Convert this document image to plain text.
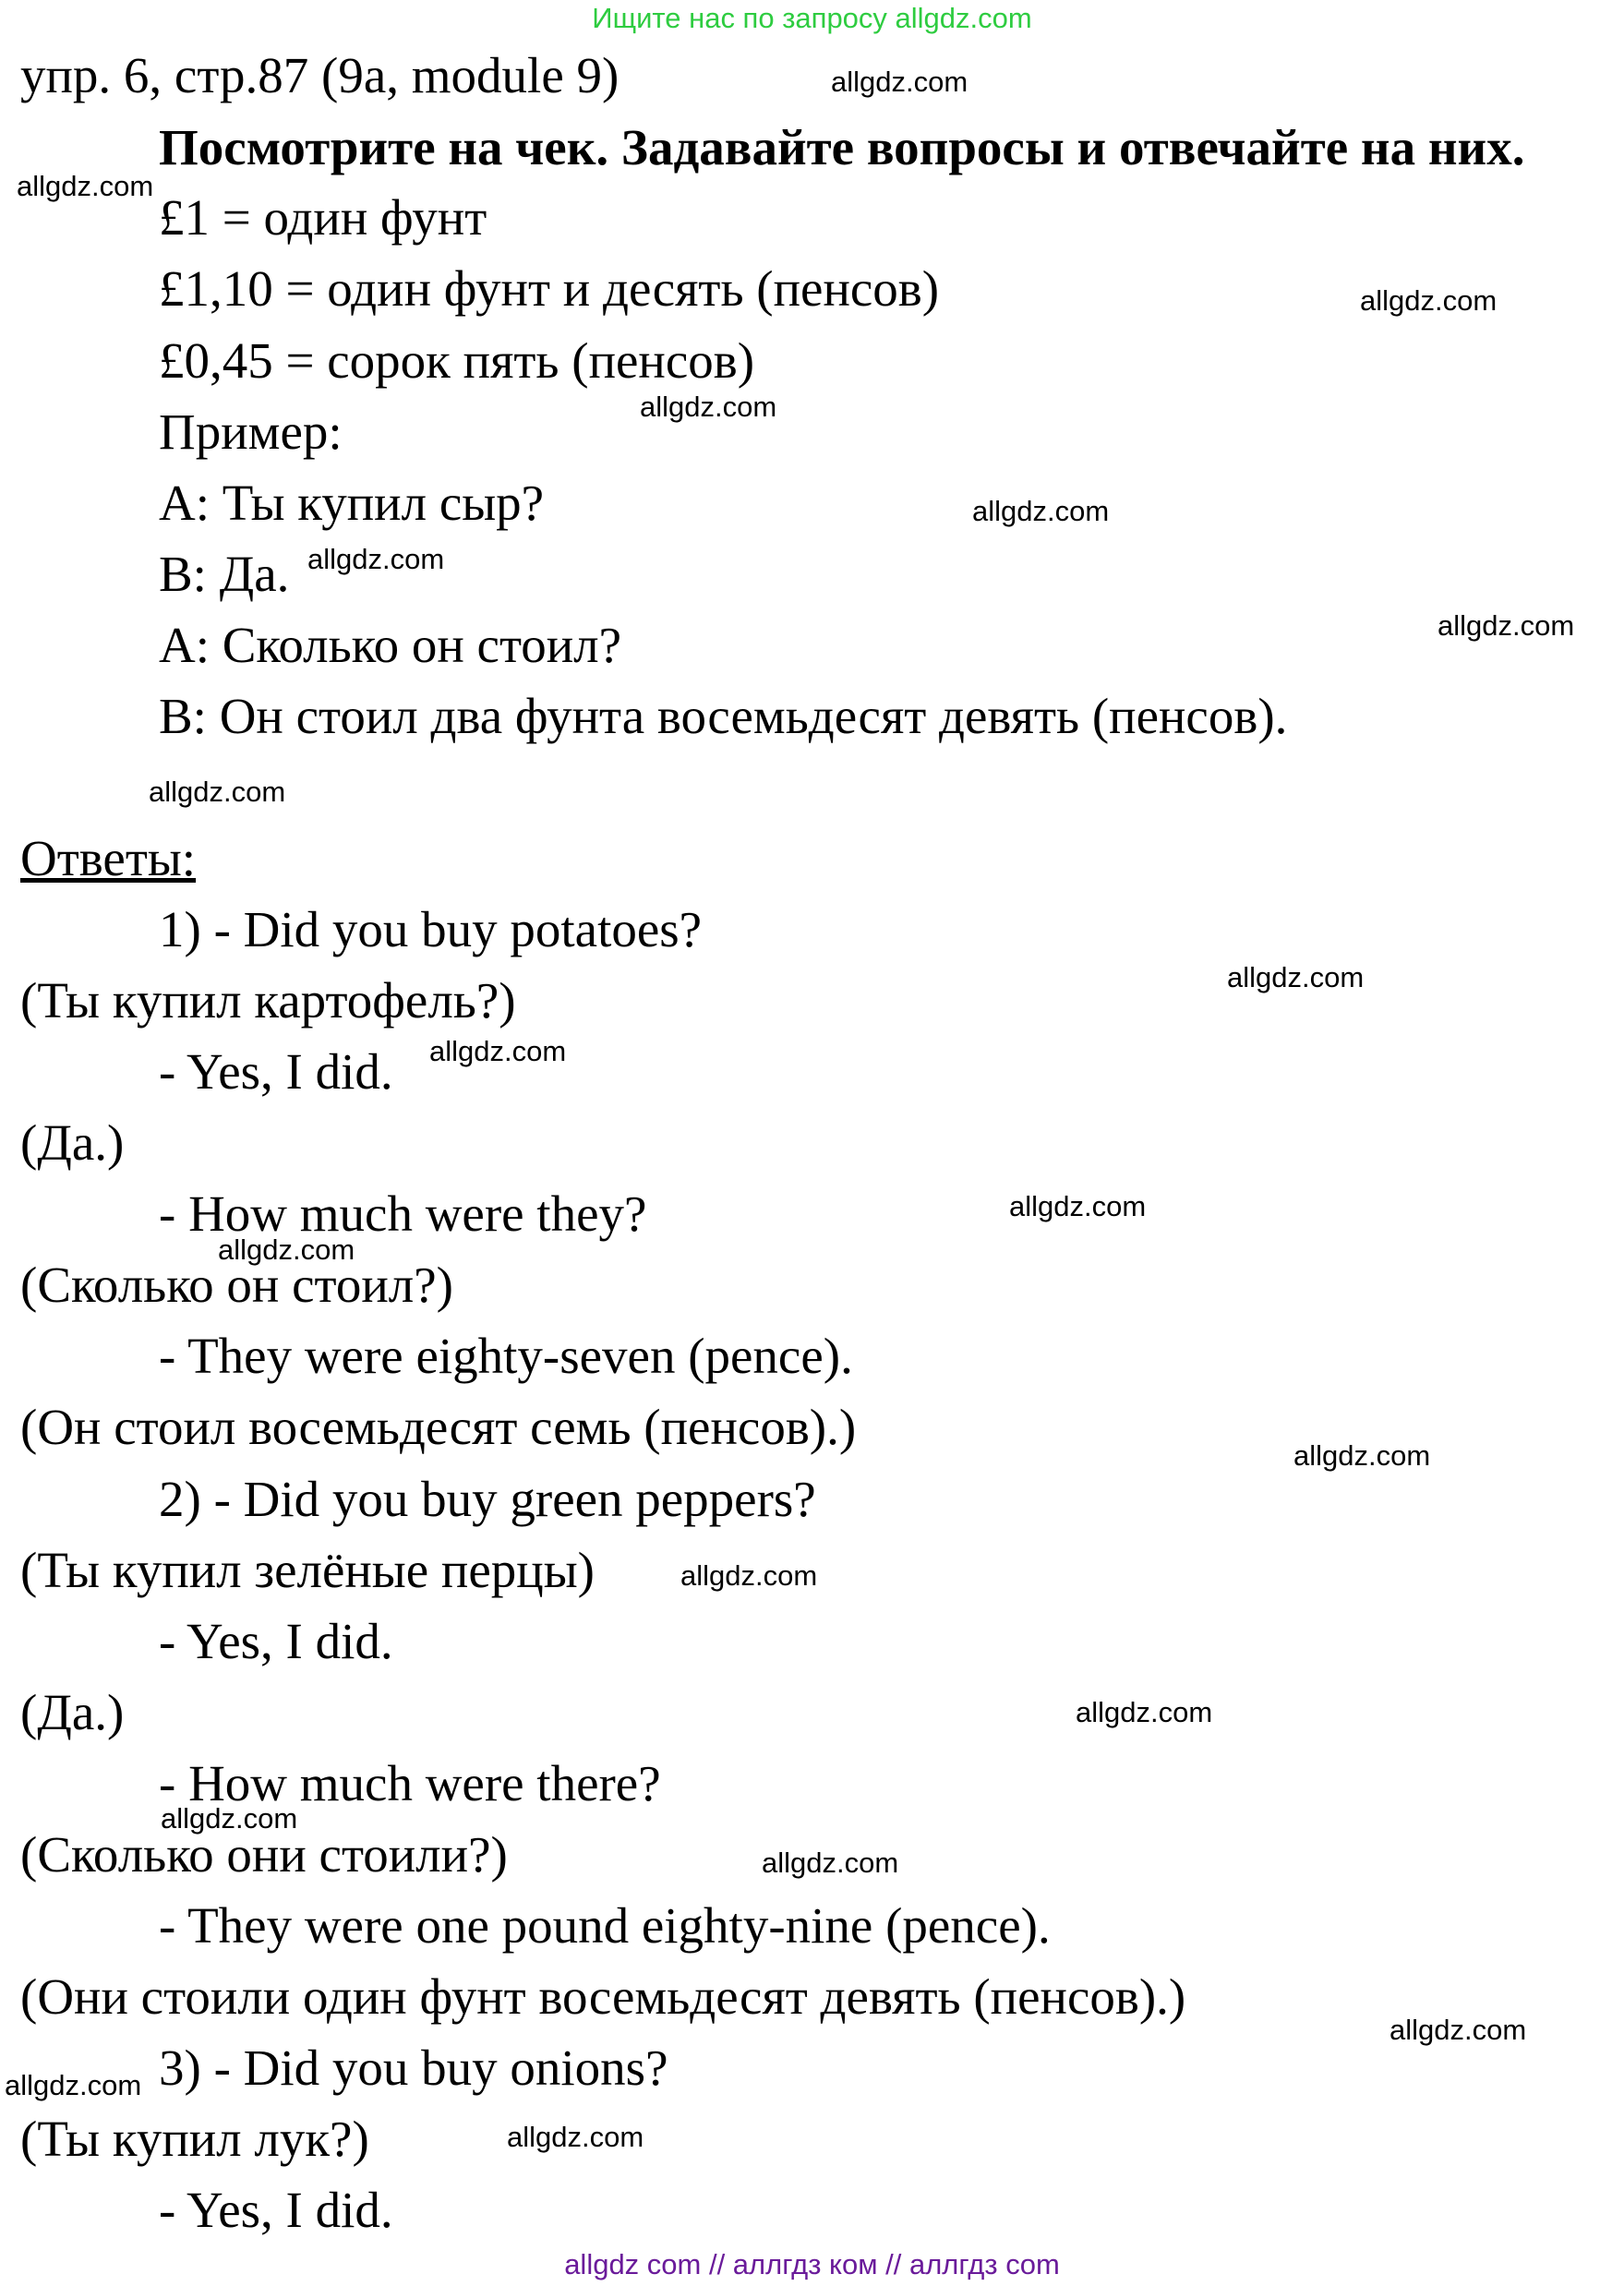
Ищите нас по запросу allgdz.com
упр. 6, стр.87 (9a, module 9)
Посмотрите на чек. Задавайте вопросы и отвечайте на них.
£1 = один фунт
£1,10 = один фунт и десять (пенсов)
£0,45 = сорок пять (пенсов)
Пример:
A: Ты купил сыр?
B: Да.
A: Сколько он стоил?
B: Он стоил два фунта восемьдесят девять (пенсов).
Ответы:
1) - Did you buy potatoes?
(Ты купил картофель?)
- Yes, I did.
(Да.)
- How much were they?
(Сколько он стоил?)
- They were eighty-seven (pence).
(Он стоил восемьдесят семь (пенсов).)
2) - Did you buy green peppers?
(Ты купил зелёные перцы)
- Yes, I did.
(Да.)
- How much were there?
(Сколько они стоили?)
- They were one pound eighty-nine (pence).
(Они стоили один фунт восемьдесят девять (пенсов).)
3) - Did you buy onions?
(Ты купил лук?)
- Yes, I did.
allgdz.com
allgdz.com
allgdz.com
allgdz.com
allgdz.com
allgdz.com
allgdz.com
allgdz.com
allgdz.com
allgdz.com
allgdz.com
allgdz.com
allgdz.com
allgdz.com
allgdz.com
allgdz.com
allgdz.com
allgdz.com
allgdz.com
allgdz.com
allgdz com // аллгдз ком // аллгдз com
